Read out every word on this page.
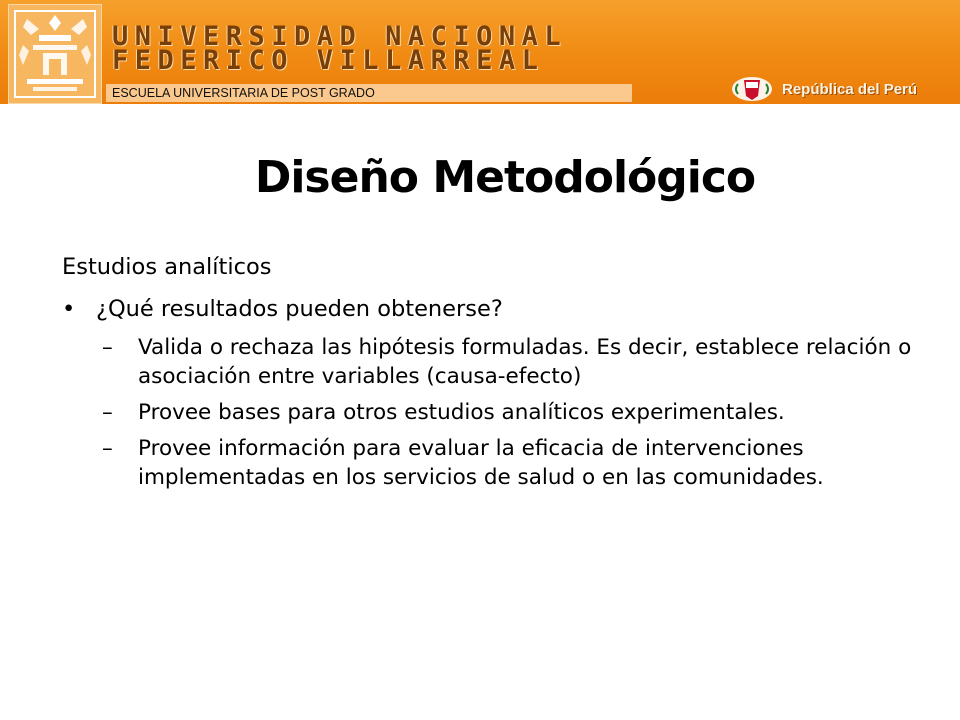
UNIVERSIDAD NACIONAL
FEDERICO VILLARREAL
ESCUELA UNIVERSITARIA DE POST GRADO	República del Perú
Diseño Metodológico
Estudios analíticos
• ¿Qué resultados pueden obtenerse?
– Valida o rechaza las hipótesis formuladas. Es decir, establece relación o asociación entre variables (causa-efecto)
– Provee bases para otros estudios analíticos experimentales.
– Provee información para evaluar la eficacia de intervenciones implementadas en los servicios de salud o en las comunidades.
